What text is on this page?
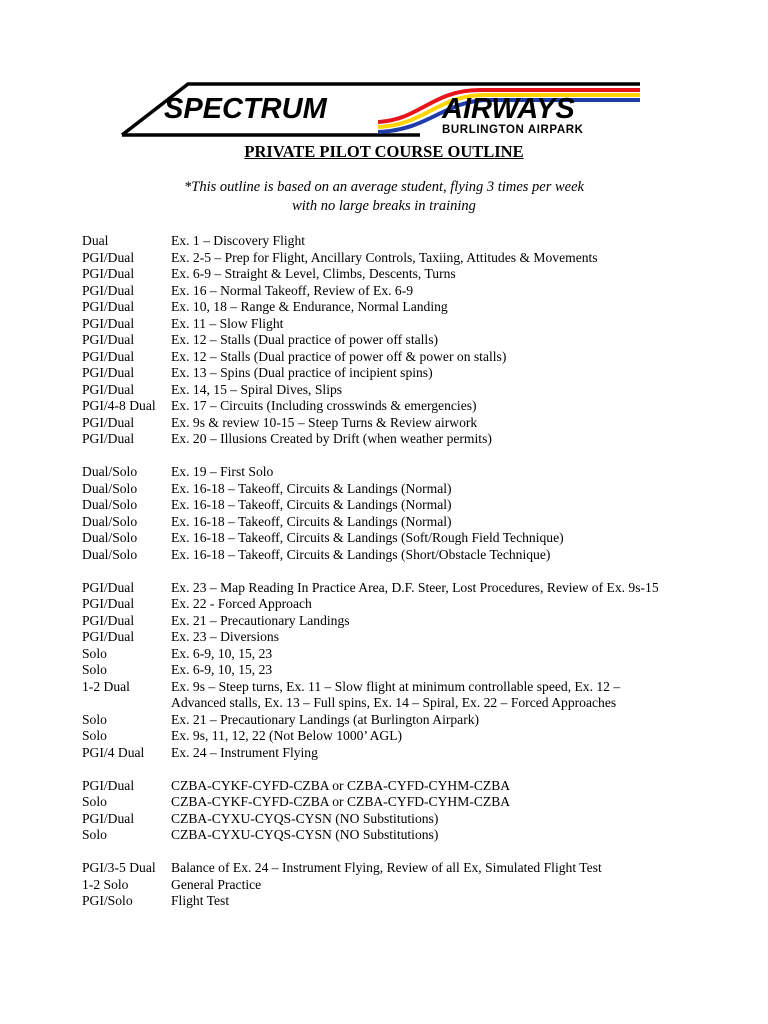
SPECTRUM	AIRWAYS
BURLINGTON AIRPARK
PRIVATE PILOT COURSE OUTLINE
*This outline is based on an average student, flying 3 times per week
with no large breaks in training
Dual	Ex. 1 – Discovery Flight
PGI/Dual	Ex. 2-5 – Prep for Flight, Ancillary Controls, Taxiing, Attitudes & Movements
PGI/Dual	Ex. 6-9 – Straight & Level, Climbs, Descents, Turns
PGI/Dual	Ex. 16 – Normal Takeoff, Review of Ex. 6-9
PGI/Dual	Ex. 10, 18 – Range & Endurance, Normal Landing
PGI/Dual	Ex. 11 – Slow Flight
PGI/Dual	Ex. 12 – Stalls (Dual practice of power off stalls)
PGI/Dual	Ex. 12 – Stalls (Dual practice of power off & power on stalls)
PGI/Dual	Ex. 13 – Spins (Dual practice of incipient spins)
PGI/Dual	Ex. 14, 15 – Spiral Dives, Slips
PGI/4-8 Dual	Ex. 17 – Circuits (Including crosswinds & emergencies)
PGI/Dual	Ex. 9s & review 10-15 – Steep Turns & Review airwork
PGI/Dual	Ex. 20 – Illusions Created by Drift (when weather permits)
Dual/Solo	Ex. 19 – First Solo
Dual/Solo	Ex. 16-18 – Takeoff, Circuits & Landings (Normal)
Dual/Solo	Ex. 16-18 – Takeoff, Circuits & Landings (Normal)
Dual/Solo	Ex. 16-18 – Takeoff, Circuits & Landings (Normal)
Dual/Solo	Ex. 16-18 – Takeoff, Circuits & Landings (Soft/Rough Field Technique)
Dual/Solo	Ex. 16-18 – Takeoff, Circuits & Landings (Short/Obstacle Technique)
PGI/Dual	Ex. 23 – Map Reading In Practice Area, D.F. Steer, Lost Procedures, Review of Ex. 9s-15
PGI/Dual	Ex. 22 - Forced Approach
PGI/Dual	Ex. 21 – Precautionary Landings
PGI/Dual	Ex. 23 – Diversions
Solo	Ex. 6-9, 10, 15, 23
Solo	Ex. 6-9, 10, 15, 23
1-2 Dual	Ex. 9s – Steep turns, Ex. 11 – Slow flight at minimum controllable speed, Ex. 12 –
Advanced stalls, Ex. 13 – Full spins, Ex. 14 – Spiral, Ex. 22 – Forced Approaches
Solo	Ex. 21 – Precautionary Landings (at Burlington Airpark)
Solo	Ex. 9s, 11, 12, 22 (Not Below 1000’ AGL)
PGI/4 Dual	Ex. 24 – Instrument Flying
PGI/Dual	CZBA-CYKF-CYFD-CZBA or CZBA-CYFD-CYHM-CZBA
Solo	CZBA-CYKF-CYFD-CZBA or CZBA-CYFD-CYHM-CZBA
PGI/Dual	CZBA-CYXU-CYQS-CYSN (NO Substitutions)
Solo	CZBA-CYXU-CYQS-CYSN (NO Substitutions)
PGI/3-5 Dual	Balance of Ex. 24 – Instrument Flying, Review of all Ex, Simulated Flight Test
1-2 Solo	General Practice
PGI/Solo	Flight Test
